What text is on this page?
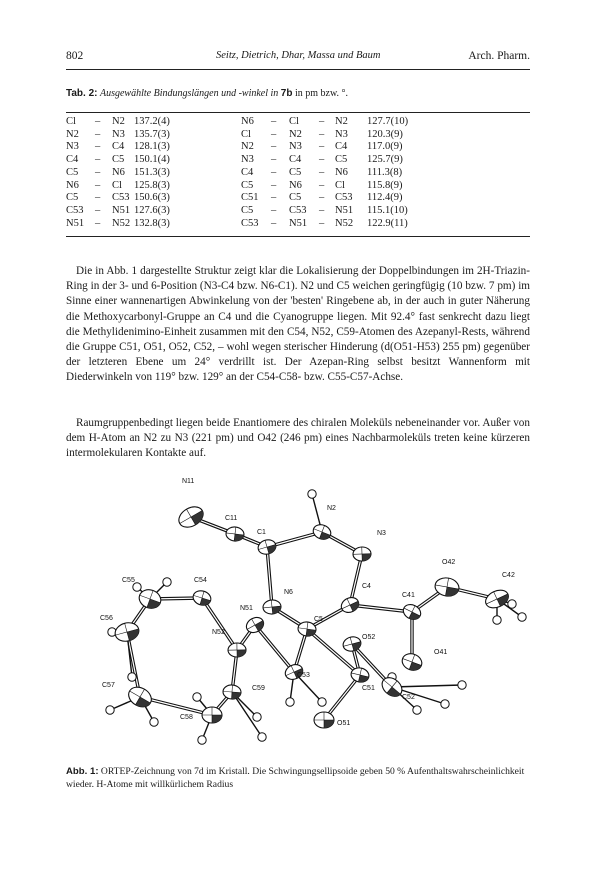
802	Seitz, Dietrich, Dhar, Massa und Baum	Arch. Pharm.
Tab. 2: Ausgewählte Bindungslängen und -winkel in 7b in pm bzw. °.
Cl	–	N2	137.2(4)	N6	–	Cl	–	N2	127.7(10)
N2	–	N3	135.7(3)	Cl	–	N2	–	N3	120.3(9)
N3	–	C4	128.1(3)	N2	–	N3	–	C4	117.0(9)
C4	–	C5	150.1(4)	N3	–	C4	–	C5	125.7(9)
C5	–	N6	151.3(3)	C4	–	C5	–	N6	111.3(8)
N6	–	Cl	125.8(3)	C5	–	N6	–	Cl	115.8(9)
C5	–	C53	150.6(3)	C51	–	C5	–	C53	112.4(9)
C53	–	N51	127.6(3)	C5	–	C53	–	N51	115.1(10)
N51	–	N52	132.8(3)	C53	–	N51	–	N52	122.9(11)

Die in Abb. 1 dargestellte Struktur zeigt klar die Lokalisierung der Doppelbindungen im 2H-Triazin-Ring in der 3- und 6-Position (N3-C4 bzw. N6-C1). N2 und C5 weichen geringfügig (10 bzw. 7 pm) im Sinne einer wannenartigen Abwinkelung von der 'besten' Ringebene ab, in der auch in guter Näherung die Methoxycarbonyl-Gruppe an C4 und die Cyanogruppe liegen. Mit 92.4° fast senkrecht dazu liegt die Methylidenimino-Einheit zusammen mit den C54, N52, C59-Atomen des Azepanyl-Rests, während die Gruppe C51, O51, O52, C52, – wohl wegen sterischer Hinderung (d(O51-H53) 255 pm) gegenüber der letzteren Ebene um 24° verdrillt ist. Der Azepan-Ring selbst besitzt Wannenform mit Diederwinkeln von 119° bzw. 129° an der C54-C58- bzw. C55-C57-Achse.

Raumgruppenbedingt liegen beide Enantiomere des chiralen Moleküls nebeneinander vor. Außer von dem H-Atom an N2 zu N3 (221 pm) und O42 (246 pm) eines Nachbarmoleküls treten keine kürzeren intermolekularen Kontakte auf.

N11
C11
C1
N2
N3
C4
O42
C42
C41
O41
C55	C54
N6
N51
C5
O52
C56
N52
C53
C51
C52
C57	C59
C58
O51
Abb. 1: ORTEP-Zeichnung von 7d im Kristall. Die Schwingungsellipsoide geben 50 % Aufenthaltswahrscheinlichkeit wieder. H-Atome mit willkürlichem Radius
